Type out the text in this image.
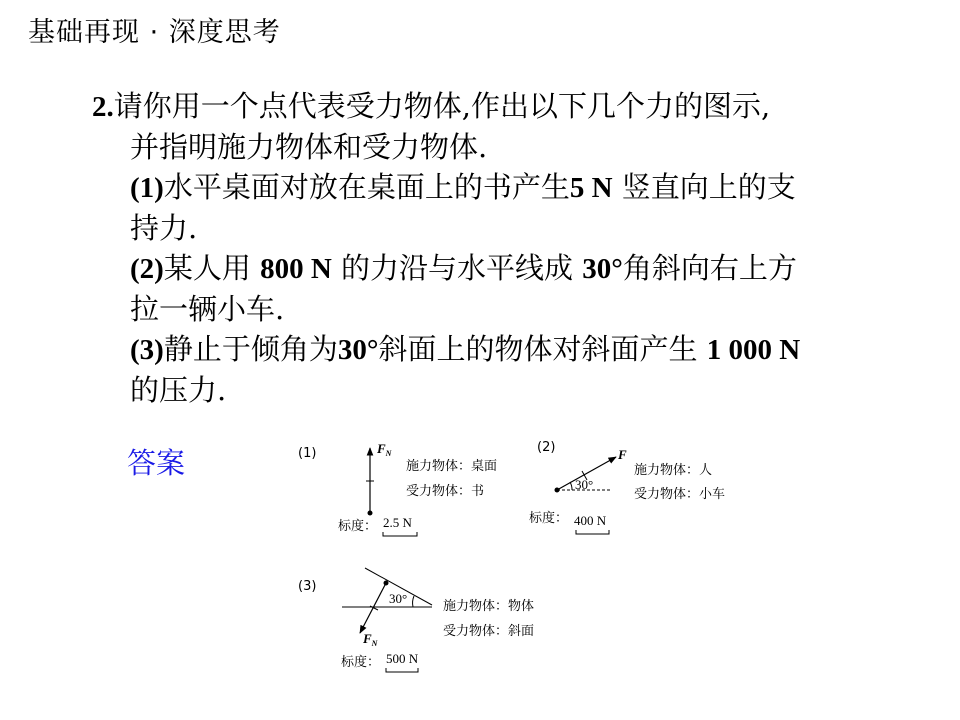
基础再现 · 深度思考
2.请你用一个点代表受力物体,作出以下几个力的图示,
并指明施力物体和受力物体.
(1)水平桌面对放在桌面上的书产生5 N 竖直向上的支
持力.
(2)某人用 800 N 的力沿与水平线成 30°角斜向右上方
拉一辆小车.
(3)静止于倾角为30°斜面上的物体对斜面产生 1 000 N
的压力.
答案	(1)	$F_N$
施力物体：桌面
受力物体：书
标度： 2.5 N
(2)
30°
F
施力物体：人
受力物体：小车
标度： 400 N
(3)
30°
$F_N$
施力物体：物体
受力物体：斜面
标度： 500 N
